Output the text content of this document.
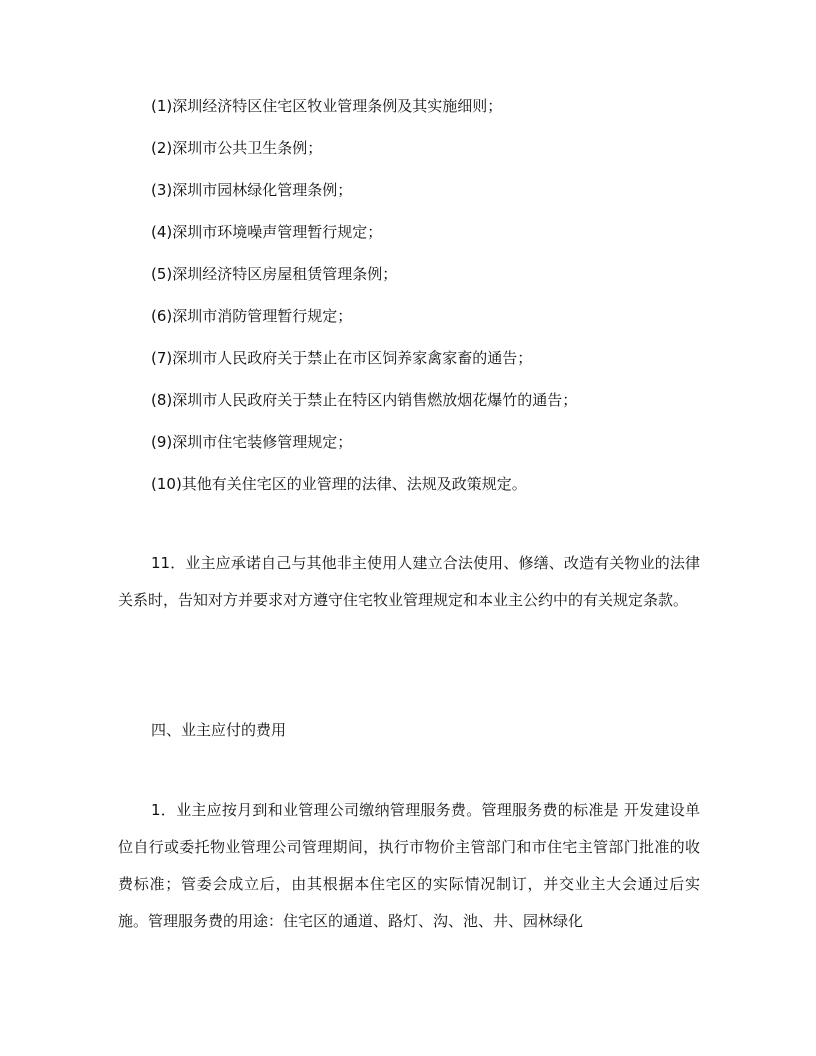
(1)深圳经济特区住宅区牧业管理条例及其实施细则；
(2)深圳市公共卫生条例；
(3)深圳市园林绿化管理条例；
(4)深圳市环境噪声管理暂行规定；
(5)深圳经济特区房屋租赁管理条例；
(6)深圳市消防管理暂行规定；
(7)深圳市人民政府关于禁止在市区饲养家禽家畜的通告；
(8)深圳市人民政府关于禁止在特区内销售燃放烟花爆竹的通告；
(9)深圳市住宅装修管理规定；
(10)其他有关住宅区的业管理的法律、法规及政策规定。
11．业主应承诺自己与其他非主使用人建立合法使用、修缮、改造有关物业的法律关系时，告知对方并要求对方遵守住宅牧业管理规定和本业主公约中的有关规定条款。
四、业主应付的费用
1．业主应按月到和业管理公司缴纳管理服务费。管理服务费的标准是 开发建设单位自行或委托物业管理公司管理期间，执行市物价主管部门和市住宅主管部门批准的收费标准；管委会成立后，由其根据本住宅区的实际情况制订，并交业主大会通过后实施。管理服务费的用途：住宅区的通道、路灯、沟、池、井、园林绿化
